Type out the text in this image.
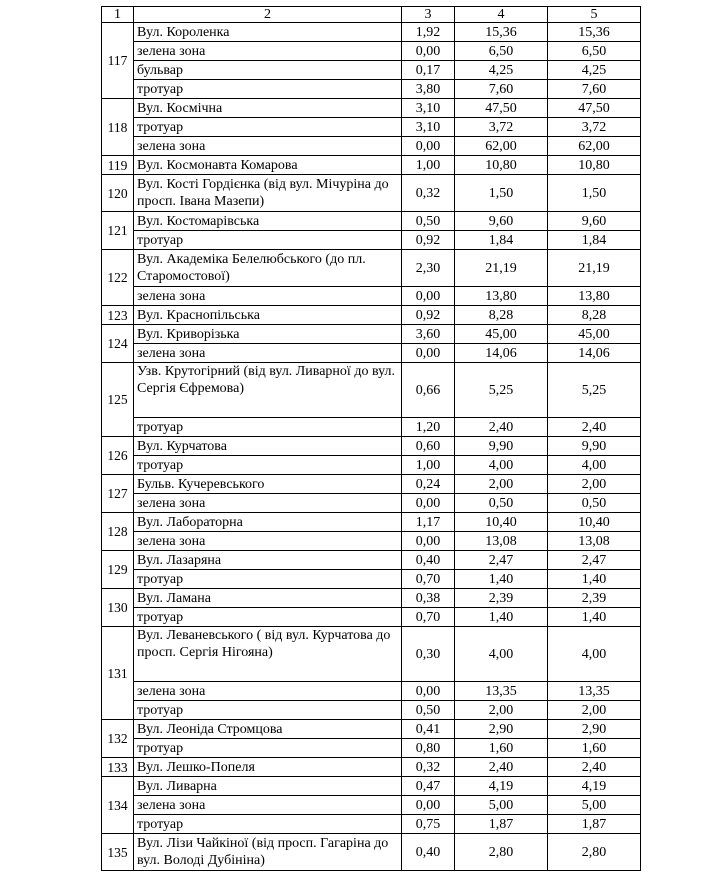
1	2	3	4	5
117	Вул. Короленка	1,92	15,36	15,36
	зелена зона	0,00	6,50	6,50
	бульвар	0,17	4,25	4,25
	тротуар	3,80	7,60	7,60
118	Вул. Космічна	3,10	47,50	47,50
	тротуар	3,10	3,72	3,72
	зелена зона	0,00	62,00	62,00
119	Вул. Космонавта Комарова	1,00	10,80	10,80
120	Вул. Кості Гордієнка (від вул. Мічуріна до просп. Івана Мазепи)	0,32	1,50	1,50
121	Вул. Костомарівська	0,50	9,60	9,60
	тротуар	0,92	1,84	1,84
122	Вул. Академіка Белелюбського (до пл. Старомостової)	2,30	21,19	21,19
	зелена зона	0,00	13,80	13,80
123	Вул. Краснопільська	0,92	8,28	8,28
124	Вул. Криворізька	3,60	45,00	45,00
	зелена зона	0,00	14,06	14,06
125	Узв. Крутогірний (від вул. Ливарної до вул. Сергія Єфремова)	0,66	5,25	5,25
	тротуар	1,20	2,40	2,40
126	Вул. Курчатова	0,60	9,90	9,90
	тротуар	1,00	4,00	4,00
127	Бульв. Кучеревського	0,24	2,00	2,00
	зелена зона	0,00	0,50	0,50
128	Вул. Лабораторна	1,17	10,40	10,40
	зелена зона	0,00	13,08	13,08
129	Вул. Лазаряна	0,40	2,47	2,47
	тротуар	0,70	1,40	1,40
130	Вул. Ламана	0,38	2,39	2,39
	тротуар	0,70	1,40	1,40
131	Вул. Леваневського ( від вул. Курчатова до просп. Сергія Нігояна)	0,30	4,00	4,00
	зелена зона	0,00	13,35	13,35
	тротуар	0,50	2,00	2,00
132	Вул. Леоніда Стромцова	0,41	2,90	2,90
	тротуар	0,80	1,60	1,60
133	Вул. Лешко-Попеля	0,32	2,40	2,40
134	Вул. Ливарна	0,47	4,19	4,19
	зелена зона	0,00	5,00	5,00
	тротуар	0,75	1,87	1,87
135	Вул. Лізи Чайкіної (від просп. Гагаріна до вул. Володі Дубініна)	0,40	2,80	2,80
